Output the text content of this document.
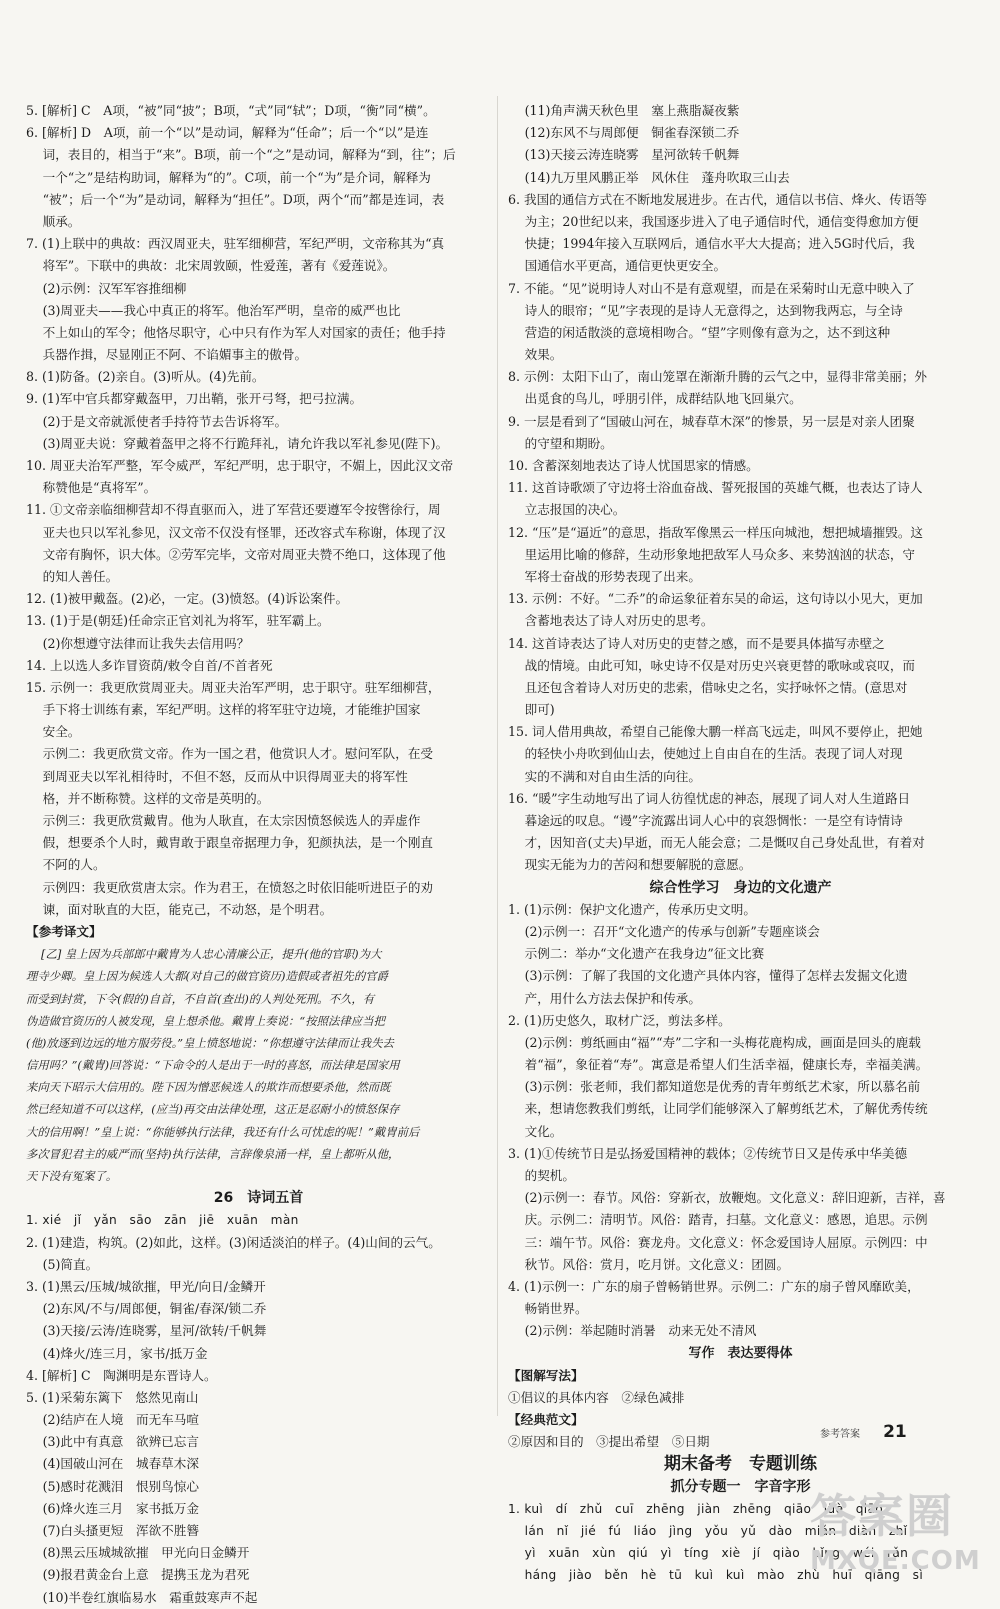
5. [解析] C　A项，“被”同“披”；B项，“式”同“轼”；D项，“衡”同“横”。
6. [解析] D　A项，前一个“以”是动词，解释为“任命”；后一个“以”是连
　 词，表目的，相当于“来”。B项，前一个“之”是动词，解释为“到，往”；后
　 一个“之”是结构助词，解释为“的”。C项，前一个“为”是介词，解释为
　 “被”；后一个“为”是动词，解释为“担任”。D项，两个“而”都是连词，表
　 顺承。
7. (1)上联中的典故：西汉周亚夫，驻军细柳营，军纪严明，文帝称其为“真
　 将军”。下联中的典故：北宋周敦颐，性爱莲，著有《爱莲说》。
　 (2)示例：汉军军容推细柳
　 (3)周亚夫——我心中真正的将军。他治军严明，皇帝的威严也比
　 不上如山的军令；他恪尽职守，心中只有作为军人对国家的责任；他手持
　 兵器作揖，尽显刚正不阿、不谄媚事主的傲骨。
8. (1)防备。(2)亲自。(3)听从。(4)先前。
9. (1)军中官兵都穿戴盔甲，刀出鞘，张开弓弩，把弓拉满。
　 (2)于是文帝就派使者手持符节去告诉将军。
　 (3)周亚夫说：穿戴着盔甲之将不行跪拜礼，请允许我以军礼参见(陛下)。
10. 周亚夫治军严整，军令威严，军纪严明，忠于职守，不媚上，因此汉文帝
　 称赞他是“真将军”。
11. ①文帝亲临细柳营却不得直驱而入，进了军营还要遵军令按辔徐行，周
　 亚夫也只以军礼参见，汉文帝不仅没有怪罪，还改容式车称谢，体现了汉
　 文帝有胸怀，识大体。②劳军完毕，文帝对周亚夫赞不绝口，这体现了他
　 的知人善任。
12. (1)被甲戴盔。(2)必，一定。(3)愤怒。(4)诉讼案件。
13. (1)于是(朝廷)任命宗正官刘礼为将军，驻军霸上。
　 (2)你想遵守法律而让我失去信用吗？
14. 上以选人多诈冒资荫/敕令自首/不首者死
15. 示例一：我更欣赏周亚夫。周亚夫治军严明，忠于职守。驻军细柳营，
　 手下将士训练有素，军纪严明。这样的将军驻守边境，才能维护国家
　 安全。
　 示例二：我更欣赏文帝。作为一国之君，他赏识人才。慰问军队，在受
　 到周亚夫以军礼相待时，不但不怒，反而从中识得周亚夫的将军性
　 格，并不断称赞。这样的文帝是英明的。
　 示例三：我更欣赏戴胄。他为人耿直，在太宗因愤怒候选人的弄虚作
　 假，想要杀个人时，戴胄敢于跟皇帝据理力争，犯颜执法，是一个刚直
　 不阿的人。
　 示例四：我更欣赏唐太宗。作为君王，在愤怒之时依旧能听进臣子的劝
　 谏，面对耿直的大臣，能克己，不动怒，是个明君。
【参考译文】
　 [乙] 皇上因为兵部郎中戴胄为人忠心清廉公正，提升(他的官职)为大
理寺少卿。皇上因为候选人大都(对自己的做官资历)造假或者祖先的官爵
而受到封赏，下令(假的)自首，不自首(查出)的人判处死刑。不久，有
伪造做官资历的人被发现，皇上想杀他。戴胄上奏说：“按照法律应当把
(他)放逐到边远的地方服劳役。”皇上愤怒地说：“你想遵守法律而让我失去
信用吗？”(戴胄)回答说：“下命令的人是出于一时的喜怒，而法律是国家用
来向天下昭示大信用的。陛下因为憎恶候选人的欺诈而想要杀他，然而既
然已经知道不可以这样，(应当)再交由法律处理，这正是忍耐小的愤怒保存
大的信用啊！”皇上说：“你能够执行法律，我还有什么可忧虑的呢！”戴胄前后
多次冒犯君主的威严而(坚持)执行法律，言辞像泉涌一样，皇上都听从他，
天下没有冤案了。
26　诗词五首
1. xié　jǐ　yǎn　sāo　zān　jiē　xuān　màn
2. (1)建造，构筑。(2)如此，这样。(3)闲适淡泊的样子。(4)山间的云气。
　 (5)简直。
3. (1)黑云/压城/城欲摧，甲光/向日/金鳞开
　 (2)东风/不与/周郎便，铜雀/春深/锁二乔
　 (3)天接/云涛/连晓雾，星河/欲转/千帆舞
　 (4)烽火/连三月，家书/抵万金
4. [解析] C　陶渊明是东晋诗人。
5. (1)采菊东篱下　悠然见南山
　 (2)结庐在人境　而无车马喧
　 (3)此中有真意　欲辨已忘言
　 (4)国破山河在　城春草木深
　 (5)感时花溅泪　恨别鸟惊心
　 (6)烽火连三月　家书抵万金
　 (7)白头搔更短　浑欲不胜簪
　 (8)黑云压城城欲摧　甲光向日金鳞开
　 (9)报君黄金台上意　提携玉龙为君死
　 (10)半卷红旗临易水　霜重鼓寒声不起
　 (11)角声满天秋色里　塞上燕脂凝夜紫
　 (12)东风不与周郎便　铜雀春深锁二乔
　 (13)天接云涛连晓雾　星河欲转千帆舞
　 (14)九万里风鹏正举　风休住　蓬舟吹取三山去
6. 我国的通信方式在不断地发展进步。在古代，通信以书信、烽火、传语等
　 为主；20世纪以来，我国逐步进入了电子通信时代，通信变得愈加方便
　 快捷；1994年接入互联网后，通信水平大大提高；进入5G时代后，我
　 国通信水平更高，通信更快更安全。
7. 不能。“见”说明诗人对山不是有意观望，而是在采菊时山无意中映入了
　 诗人的眼帘；“见”字表现的是诗人无意得之，达到物我两忘，与全诗
　 营造的闲适散淡的意境相吻合。“望”字则像有意为之，达不到这种
　 效果。
8. 示例：太阳下山了，南山笼罩在渐渐升腾的云气之中，显得非常美丽；外
　 出觅食的鸟儿，呼朋引伴，成群结队地飞回巢穴。
9. 一层是看到了“国破山河在，城春草木深”的惨景，另一层是对亲人团聚
　 的守望和期盼。
10. 含蓄深刻地表达了诗人忧国思家的情感。
11. 这首诗歌颂了守边将士浴血奋战、誓死报国的英雄气概，也表达了诗人
　 立志报国的决心。
12. “压”是“逼近”的意思，指敌军像黑云一样压向城池，想把城墙摧毁。这
　 里运用比喻的修辞，生动形象地把敌军人马众多、来势汹汹的状态，守
　 军将士奋战的形势表现了出来。
13. 示例：不好。“二乔”的命运象征着东吴的命运，这句诗以小见大，更加
　 含蓄地表达了诗人对历史的思考。
14. 这首诗表达了诗人对历史的吏替之感，而不是要具体描写赤壁之
　 战的情境。由此可知，咏史诗不仅是对历史兴衰更替的歌咏或哀叹，而
　 且还包含着诗人对历史的悲索，借咏史之名，实抒咏怀之情。(意思对
　 即可)
15. 词人借用典故，希望自己能像大鹏一样高飞远走，叫风不要停止，把她
　 的轻快小舟吹到仙山去，使她过上自由自在的生活。表现了词人对现
　 实的不满和对自由生活的向往。
16. “暖”字生动地写出了词人彷徨忧虑的神态，展现了词人对人生道路日
　 暮途远的叹息。“谩”字流露出词人心中的哀怨惆怅：一是空有诗情诗
　 才，因知音(丈夫)早逝，而无人能会意；二是慨叹自己身处乱世，有着对
　 现实无能为力的苦闷和想要解脱的意愿。
综合性学习　身边的文化遗产
1. (1)示例：保护文化遗产，传承历史文明。
　 (2)示例一：召开“文化遗产的传承与创新”专题座谈会
　 示例二：举办“文化遗产在我身边”征文比赛
　 (3)示例：了解了我国的文化遗产具体内容，懂得了怎样去发掘文化遗
　 产，用什么方法去保护和传承。
2. (1)历史悠久，取材广泛，剪法多样。
　 (2)示例：剪纸画由“福”“寿”二字和一头梅花鹿构成，画面是回头的鹿载
　 着“福”，象征着“寿”。寓意是希望人们生活幸福，健康长寿，幸福美满。
　 (3)示例：张老师，我们都知道您是优秀的青年剪纸艺术家，所以慕名前
　 来，想请您教我们剪纸，让同学们能够深入了解剪纸艺术，了解优秀传统
　 文化。
3. (1)①传统节日是弘扬爱国精神的载体；②传统节日又是传承中华美德
　 的契机。
　 (2)示例一：春节。风俗：穿新衣，放鞭炮。文化意义：辞旧迎新，吉祥，喜
　 庆。示例二：清明节。风俗：踏青，扫墓。文化意义：感恩，追思。示例
　 三：端午节。风俗：赛龙舟。文化意义：怀念爱国诗人屈原。示例四：中
　 秋节。风俗：赏月，吃月饼。文化意义：团圆。
4. (1)示例一：广东的扇子曾畅销世界。示例二：广东的扇子曾风靡欧美，
　 畅销世界。
　 (2)示例：举起随时消暑　动来无处不清风
写作　表达要得体
【图解写法】
①倡议的具体内容　②绿色减排
【经典范文】
②原因和目的　③提出希望　⑤日期
期末备考　专题训练
抓分专题一　字音字形
1. kuì　dí　zhǔ　cuī　zhēng　jiàn　zhēng　qiāo　lüè　qiāo
　 lán　nǐ　jié　fú　liáo　jìng　yǒu　yǔ　dào　miǎn　diàn　zhǐ
　 yì　xuān　xùn　qiú　yì　tíng　xiè　jí　qiào　bǐng　wéi　rǎn
　 háng　jiào　běn　hè　tū　kuì　kuì　mào　zhù　huī　qiāng　sì
参考答案 21
答案圈
MXQE.COM
